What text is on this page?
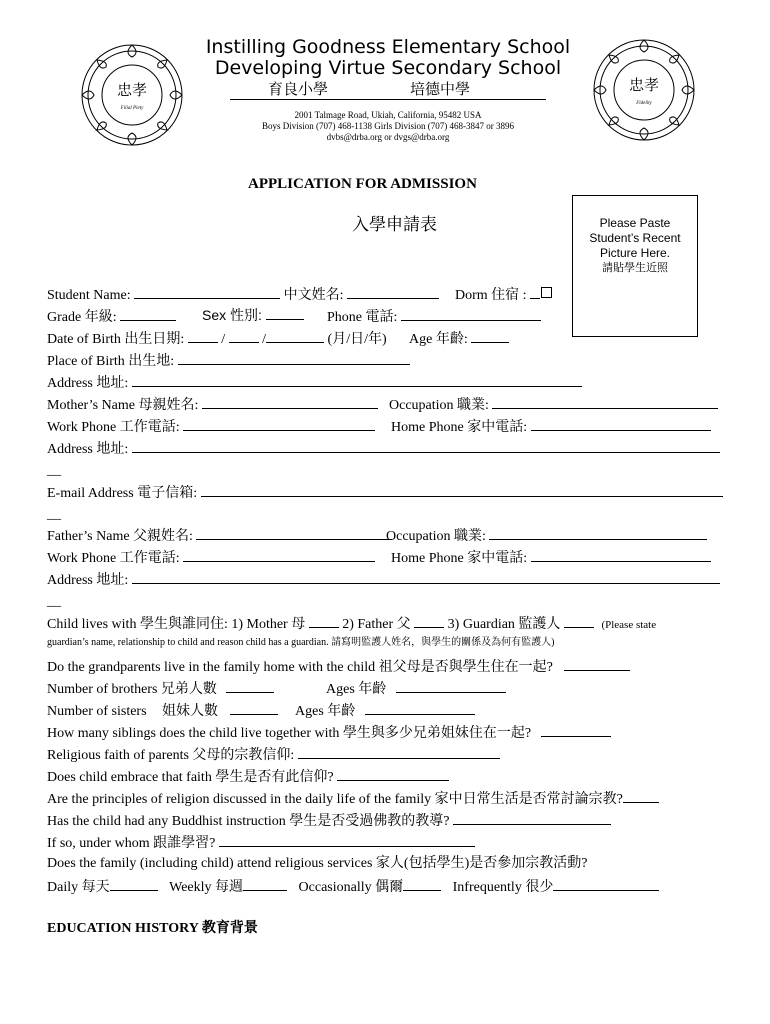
忠孝
Filial Piety
忠孝
Fidelity
Instilling Goodness Elementary School
Developing Virtue Secondary School
育良小學	培德中學
2001 Talmage Road, Ukiah, California, 95482 USA
Boys Division (707) 468-1138 Girls Division (707) 468-3847 or 3896
dvbs@drba.org or dvgs@drba.org
APPLICATION FOR ADMISSION
入學申請表	Please Paste
Student’s Recent
Picture Here.
請貼學生近照
Student Name:	中文姓名:	Dorm 住宿 :
Grade 年級:	Sex 性別:	Phone 電話:
Date of Birth 出生日期:	/	/	(月/日/年) Age 年齡:
Place of Birth 出生地:
Address 地址:
Mother’s Name 母親姓名:	Occupation 職業:
Work Phone 工作電話:	Home Phone 家中電話:
Address 地址:
__
E-mail Address 電子信箱:
__
Father’s Name 父親姓名:	Occupation 職業:
Work Phone 工作電話:	Home Phone 家中電話:
Address 地址:
__
Child lives with 學生與誰同住: 1) Mother 母	2) Father 父	3) Guardian 監護人	(Please state
guardian’s name, relationship to child and reason child has a guardian. 請寫明監護人姓名，與學生的關係及為何有監護人)
Do the grandparents live in the family home with the child 祖父母是否與學生住在一起?
Number of brothers 兄弟人數	Ages 年齡
Number of sisters 姐妹人數	Ages 年齡
How many siblings does the child live together with 學生與多少兄弟姐妹住在一起?
Religious faith of parents 父母的宗教信仰:
Does child embrace that faith 學生是否有此信仰?
Are the principles of religion discussed in the daily life of the family 家中日常生活是否常討論宗教?
Has the child had any Buddhist instruction 學生是否受過佛教的教導?
If so, under whom 跟誰學習?
Does the family (including child) attend religious services 家人(包括學生)是否參加宗教活動?
Daily 每天	Weekly 每週	Occasionally 偶爾	Infrequently 很少
EDUCATION HISTORY 教育背景
